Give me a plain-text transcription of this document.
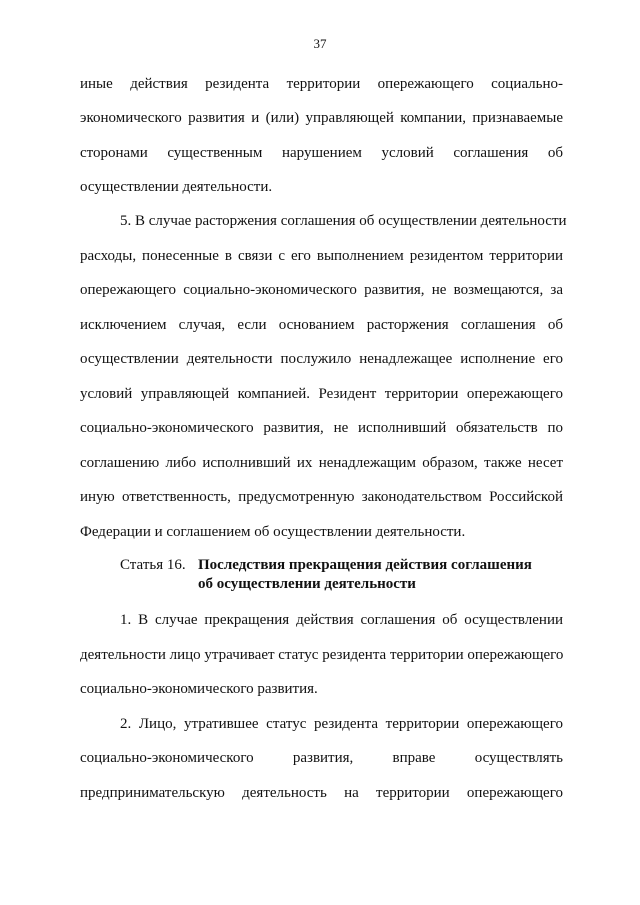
37
иные действия резидента территории опережающего социально-
экономического развития и (или) управляющей компании, признаваемые
сторонами существенным нарушением условий соглашения об
осуществлении деятельности.
5. В случае расторжения соглашения об осуществлении деятельности
расходы, понесенные в связи с его выполнением резидентом территории
опережающего социально-экономического развития, не возмещаются, за
исключением случая, если основанием расторжения соглашения об
осуществлении деятельности послужило ненадлежащее исполнение его
условий управляющей компанией. Резидент территории опережающего
социально-экономического развития, не исполнивший обязательств по
соглашению либо исполнивший их ненадлежащим образом, также несет
иную ответственность, предусмотренную законодательством Российской
Федерации и соглашением об осуществлении деятельности.
Статья 16. Последствия прекращения действия соглашения
об осуществлении деятельности
1. В случае прекращения действия соглашения об осуществлении
деятельности лицо утрачивает статус резидента территории опережающего
социально-экономического развития.
2. Лицо, утратившее статус резидента территории опережающего
социально-экономического развития, вправе осуществлять
предпринимательскую деятельность на территории опережающего
